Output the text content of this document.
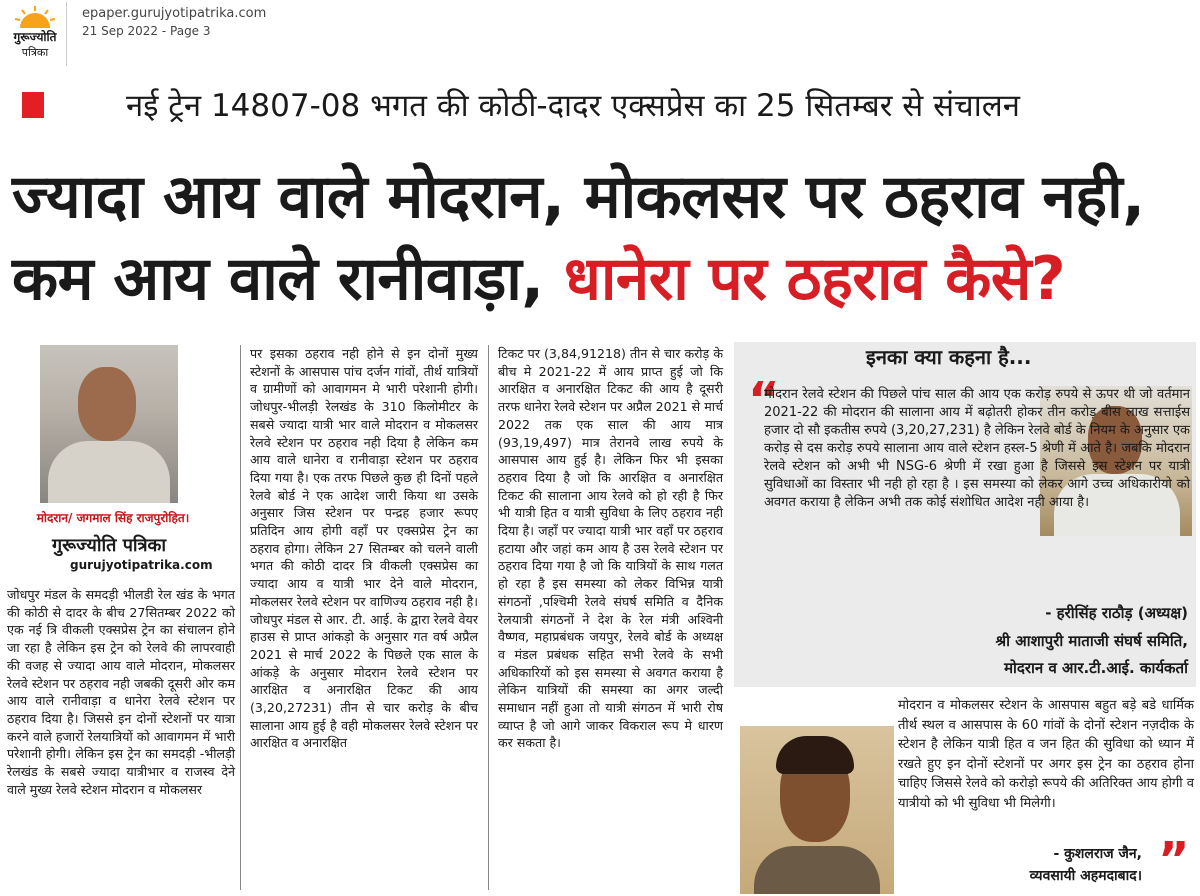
गुरूज्योति
पत्रिका
epaper.gurujyotipatrika.com
21 Sep 2022 - Page 3
नई ट्रेन 14807-08 भगत की कोठी-दादर एक्सप्रेस का 25 सितम्बर से संचालन
ज्यादा आय वाले मोदरान, मोकलसर पर ठहराव नही,
कम आय वाले रानीवाड़ा, धानेरा पर ठहराव कैसे?
मोदरान/ जगमाल सिंह राजपुरोहित।
गुरूज्योति पत्रिका
gurujyotipatrika.com

जोधपुर मंडल के समदड़ी भीलडी रेल खंड के भगत की कोठी से दादर के बीच 27सितम्बर 2022 को एक नई त्रि वीकली एक्सप्रेस ट्रेन का संचालन होने जा रहा है लेकिन इस ट्रेन को रेलवे की लापरवाही की वजह से ज्यादा आय वाले मोदरान, मोकलसर रेलवे स्टेशन पर ठहराव नही जबकी दूसरी ओर कम आय वाले रानीवाड़ा व धानेरा रेलवे स्टेशन पर ठहराव दिया है। जिससे इन दोनों स्टेशनों पर यात्रा करने वाले हजारों रेलयात्रियों को आवागमन में भारी परेशानी होगी। लेकिन इस ट्रेन का समदड़ी -भीलड़ी रेलखंड के सबसे ज्यादा यात्रीभार व राजस्व देने वाले मुख्य रेलवे स्टेशन मोदरान व मोकलसर

पर इसका ठहराव नही होने से इन दोनों मुख्य स्टेशनों के आसपास पांच दर्जन गांवों, तीर्थ यात्रियों व ग्रामीणों को आवागमन मे भारी परेशानी होगी। जोधपुर-भीलड़ी रेलखंड के 310 किलोमीटर के सबसे ज्यादा यात्री भार वाले मोदरान व मोकलसर रेलवे स्टेशन पर ठहराव नही दिया है लेकिन कम आय वाले धानेरा व रानीवाड़ा स्टेशन पर ठहराव दिया गया है। एक तरफ पिछले कुछ ही दिनों पहले रेलवे बोर्ड ने एक आदेश जारी किया था उसके अनुसार जिस स्टेशन पर पन्द्रह हजार रूपए प्रतिदिन आय होगी वहाँ पर एक्सप्रेस ट्रेन का ठहराव होगा। लेकिन 27 सितम्बर को चलने वाली भगत की कोठी दादर त्रि वीकली एक्सप्रेस का ज्यादा आय व यात्री भार देने वाले मोदरान, मोकलसर रेलवे स्टेशन पर वाणिज्य ठहराव नही है। जोधपुर मंडल से आर. टी. आई. के द्वारा रेलवे वेयर हाउस से प्राप्त आंकड़ो के अनुसार गत वर्ष अप्रैल 2021 से मार्च 2022 के पिछले एक साल के आंकड़े के अनुसार मोदरान रेलवे स्टेशन पर आरक्षित व अनारक्षित टिकट की आय (3,20,27231) तीन से चार करोड़ के बीच सालाना आय हुई है वही मोकलसर रेलवे स्टेशन पर आरक्षित व अनारक्षित

टिकट पर (3,84,91218) तीन से चार करोड़ के बीच मे 2021-22 में आय प्राप्त हुई जो कि आरक्षित व अनारक्षित टिकट की आय है दूसरी तरफ धानेरा रेलवे स्टेशन पर अप्रैल 2021 से मार्च 2022 तक एक साल की आय मात्र (93,19,497) मात्र तेरानवे लाख रुपये के आसपास आय हुई है। लेकिन फिर भी इसका ठहराव दिया है जो कि आरक्षित व अनारक्षित टिकट की सालाना आय रेलवे को हो रही है फिर भी यात्री हित व यात्री सुविधा के लिए ठहराव नही दिया है। जहाँ पर ज्यादा यात्री भार वहाँ पर ठहराव हटाया और जहां कम आय है उस रेलवे स्टेशन पर ठहराव दिया गया है जो कि यात्रियों के साथ गलत हो रहा है इस समस्या को लेकर विभिन्न यात्री संगठनों ,पश्चिमी रेलवे संघर्ष समिति व दैनिक रेलयात्री संगठनों ने देश के रेल मंत्री अश्विनी वैष्णव, महाप्रबंधक जयपुर, रेलवे बोर्ड के अध्यक्ष व मंडल प्रबंधक सहित सभी रेलवे के सभी अधिकारियों को इस समस्या से अवगत कराया है लेकिन यात्रियों की समस्या का अगर जल्दी समाधान नहीं हुआ तो यात्री संगठन में भारी रोष व्याप्त है जो आगे जाकर विकराल रूप मे धारण कर सकता है।

इनका क्या कहना है...
“

मोदरान रेलवे स्टेशन की पिछले पांच साल की आय एक करोड़ रुपये से ऊपर थी जो वर्तमान 2021-22 की मोदरान की सालाना आय में बढ़ोतरी होकर तीन करोड़ बीस लाख सत्ताईस हजार दो सौ इकतीस रुपये (3,20,27,231) है लेकिन रेलवे बोर्ड के नियम के अनुसार एक करोड़ से दस करोड़ रुपये सालाना आय वाले स्टेशन हस्ल-5 श्रेणी में आते है। जबकि मोदरान रेलवे स्टेशन को अभी भी NSG-6 श्रेणी में रखा हुआ है जिससे इस स्टेशन पर यात्री सुविधाओं का विस्तार भी नही हो रहा है । इस समस्या को लेकर आगे उच्च अधिकारीयो को अवगत कराया है लेकिन अभी तक कोई संशोधित आदेश नही आया है।

- हरीसिंह राठौड़ (अध्यक्ष)
श्री आशापुरी माताजी संघर्ष समिति,
मोदरान व आर.टी.आई. कार्यकर्ता
मोदरान व मोकलसर स्टेशन के आसपास बहुत बड़े बडे धार्मिक तीर्थ स्थल व आसपास के 60 गांवों के दोनों स्टेशन नज़दीक के स्टेशन है लेकिन यात्री हित व जन हित की सुविधा को ध्यान में रखते हुए इन दोनों स्टेशनों पर अगर इस ट्रेन का ठहराव होना चाहिए जिससे रेलवे को करोड़ो रूपये की अतिरिक्त आय होगी व यात्रीयो को भी सुविधा भी मिलेगी।
- कुशलराज जैन,
व्यवसायी अहमदाबाद। ”
